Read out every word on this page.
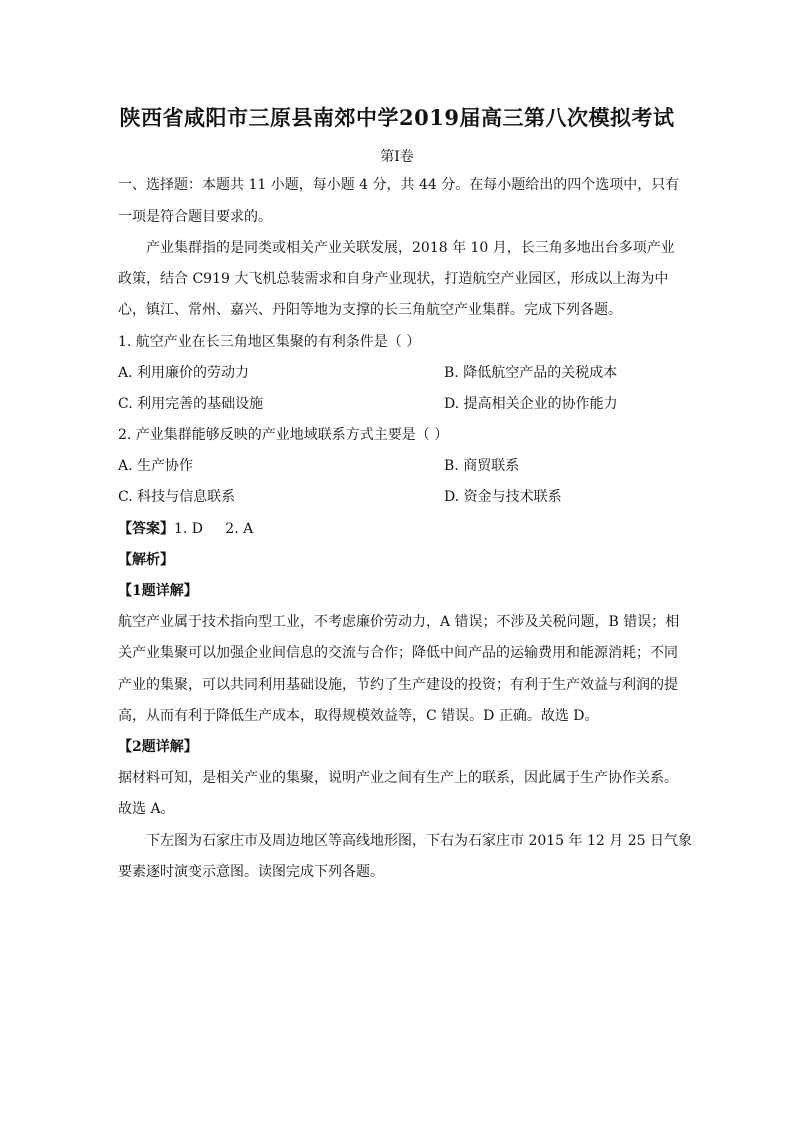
陕西省咸阳市三原县南郊中学2019届高三第八次模拟考试
第I卷
一、选择题：本题共 11 小题，每小题 4 分，共 44 分。在每小题给出的四个选项中，只有
一项是符合题目要求的。
产业集群指的是同类或相关产业关联发展，2018 年 10 月，长三角多地出台多项产业
政策，结合 C919 大飞机总装需求和自身产业现状，打造航空产业园区，形成以上海为中
心，镇江、常州、嘉兴、丹阳等地为支撑的长三角航空产业集群。完成下列各题。
1. 航空产业在长三角地区集聚的有利条件是（ ）
A. 利用廉价的劳动力	B. 降低航空产品的关税成本
C. 利用完善的基础设施	D. 提高相关企业的协作能力
2. 产业集群能够反映的产业地域联系方式主要是（ ）
A. 生产协作	B. 商贸联系
C. 科技与信息联系	D. 资金与技术联系
【答案】1. D     2. A
【解析】
【1题详解】
航空产业属于技术指向型工业，不考虑廉价劳动力，A 错误；不涉及关税问题，B 错误；相
关产业集聚可以加强企业间信息的交流与合作；降低中间产品的运输费用和能源消耗；不同
产业的集聚，可以共同利用基础设施，节约了生产建设的投资；有利于生产效益与利润的提
高，从而有利于降低生产成本，取得规模效益等，C 错误。D 正确。故选 D。
【2题详解】
据材料可知，是相关产业的集聚，说明产业之间有生产上的联系，因此属于生产协作关系。
故选 A。
下左图为石家庄市及周边地区等高线地形图，下右为石家庄市 2015 年 12 月 25 日气象
要素逐时演变示意图。读图完成下列各题。
